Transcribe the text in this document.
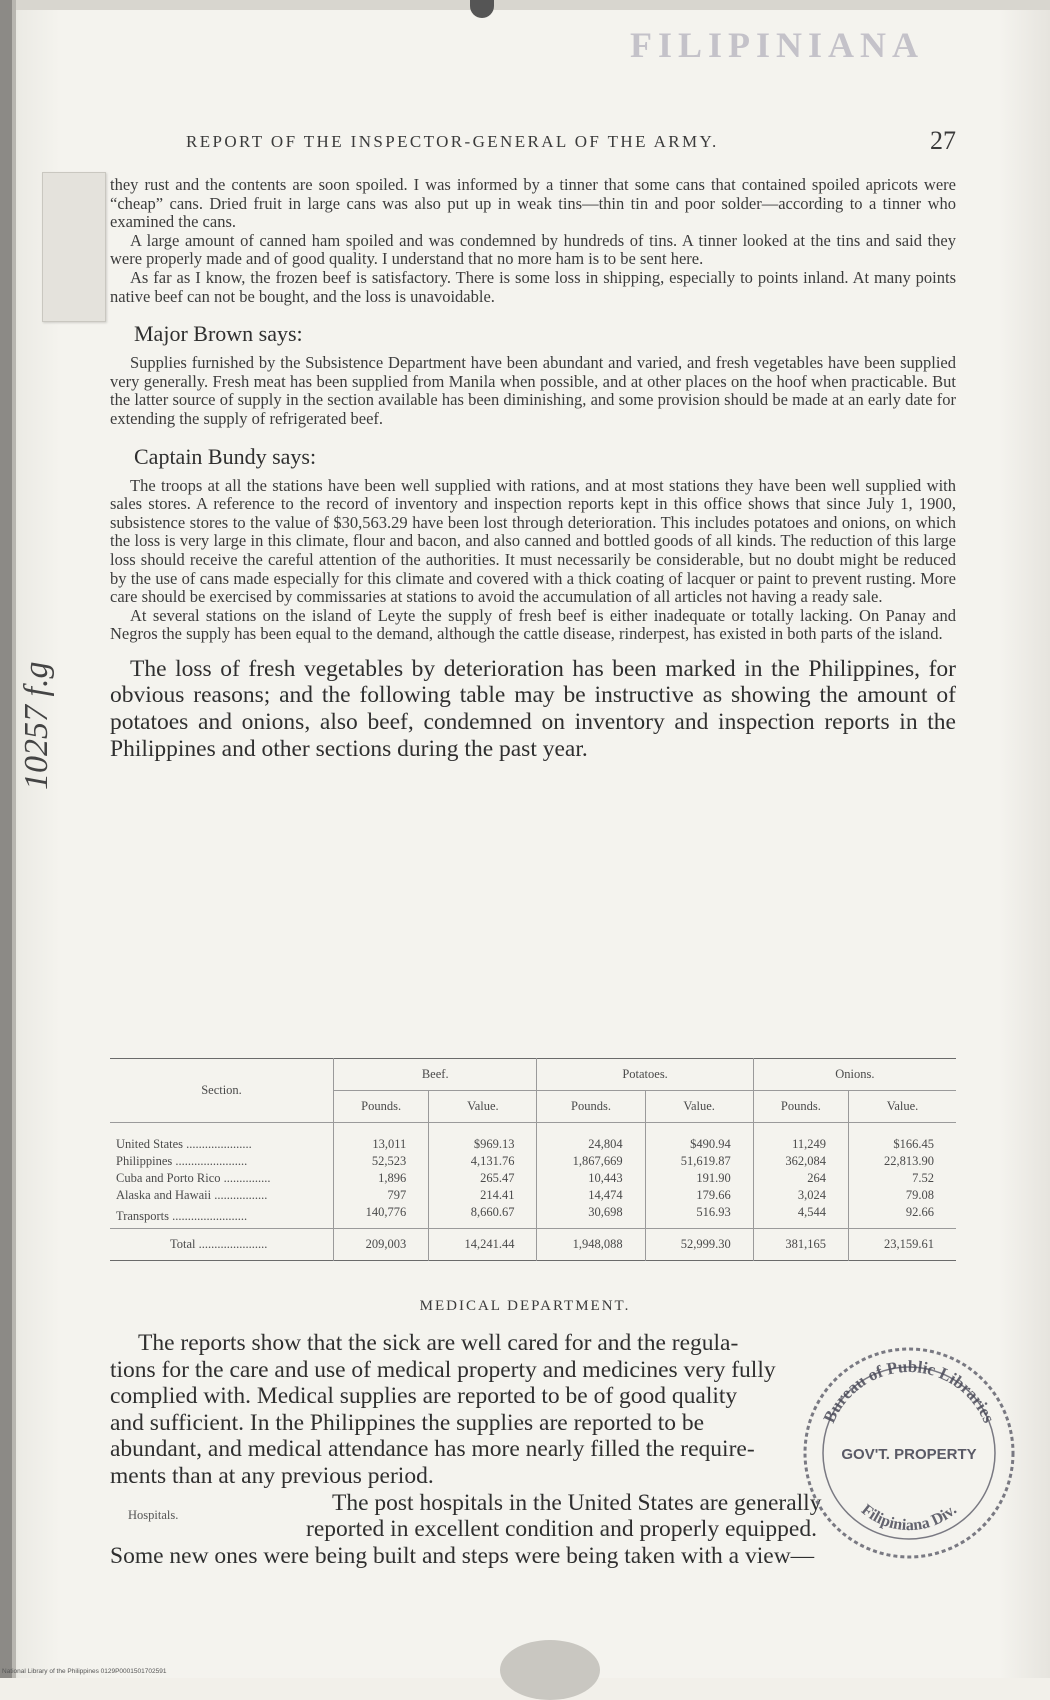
FILIPINIANA
REPORT OF THE INSPECTOR-GENERAL OF THE ARMY.	27

they rust and the contents are soon spoiled. I was informed by a tinner that some cans that contained spoiled apricots were “cheap” cans. Dried fruit in large cans was also put up in weak tins—thin tin and poor solder—according to a tinner who examined the cans.

A large amount of canned ham spoiled and was condemned by hundreds of tins. A tinner looked at the tins and said they were properly made and of good quality. I understand that no more ham is to be sent here.

As far as I know, the frozen beef is satisfactory. There is some loss in shipping, especially to points inland. At many points native beef can not be bought, and the loss is unavoidable.

Major Brown says:

Supplies furnished by the Subsistence Department have been abundant and varied, and fresh vegetables have been supplied very generally. Fresh meat has been supplied from Manila when possible, and at other places on the hoof when practicable. But the latter source of supply in the section available has been diminishing, and some provision should be made at an early date for extending the supply of refrigerated beef.

Captain Bundy says:

The troops at all the stations have been well supplied with rations, and at most stations they have been well supplied with sales stores. A reference to the record of inventory and inspection reports kept in this office shows that since July 1, 1900, subsistence stores to the value of $30,563.29 have been lost through deterioration. This includes potatoes and onions, on which the loss is very large in this climate, flour and bacon, and also canned and bottled goods of all kinds. The reduction of this large loss should receive the careful attention of the authorities. It must necessarily be considerable, but no doubt might be reduced by the use of cans made especially for this climate and covered with a thick coating of lacquer or paint to prevent rusting. More care should be exercised by commissaries at stations to avoid the accumulation of all articles not having a ready sale.

At several stations on the island of Leyte the supply of fresh beef is either inadequate or totally lacking. On Panay and Negros the supply has been equal to the demand, although the cattle disease, rinderpest, has existed in both parts of the island.

The loss of fresh vegetables by deterioration has been marked in the Philippines, for obvious reasons; and the following table may be instructive as showing the amount of potatoes and onions, also beef, condemned on inventory and inspection reports in the Philippines and other sections during the past year.

Section.	Beef.		Potatoes.		Onions.	
	Pounds.	Value.	Pounds.	Value.	Pounds.	Value.
United States .....................	13,011	$969.13	24,804	$490.94	11,249	$166.45
Philippines .......................	52,523	4,131.76	1,867,669	51,619.87	362,084	22,813.90
Cuba and Porto Rico ...............	1,896	265.47	10,443	191.90	264	7.52
Alaska and Hawaii .................	797	214.41	14,474	179.66	3,024	79.08
Transports ........................	140,776	8,660.67	30,698	516.93	4,544	92.66
Total ......................	209,003	14,241.44	1,948,088	52,999.30	381,165	23,159.61
MEDICAL DEPARTMENT.
The reports show that the sick are well cared for and the regula-
tions for the care and use of medical property and medicines very fully
complied with. Medical supplies are reported to be of good quality
and sufficient. In the Philippines the supplies are reported to be
abundant, and medical attendance has more nearly filled the require-
ments than at any previous period.
The post hospitals in the United States are generally
reported in excellent condition and properly equipped.
Some new ones were being built and steps were being taken with a view—
Hospitals.
10257 f.g
Bureau of Public Libraries
GOV'T. PROPERTY
Filipiniana Div.
National Library of the Philippines 0129P0001501702591
